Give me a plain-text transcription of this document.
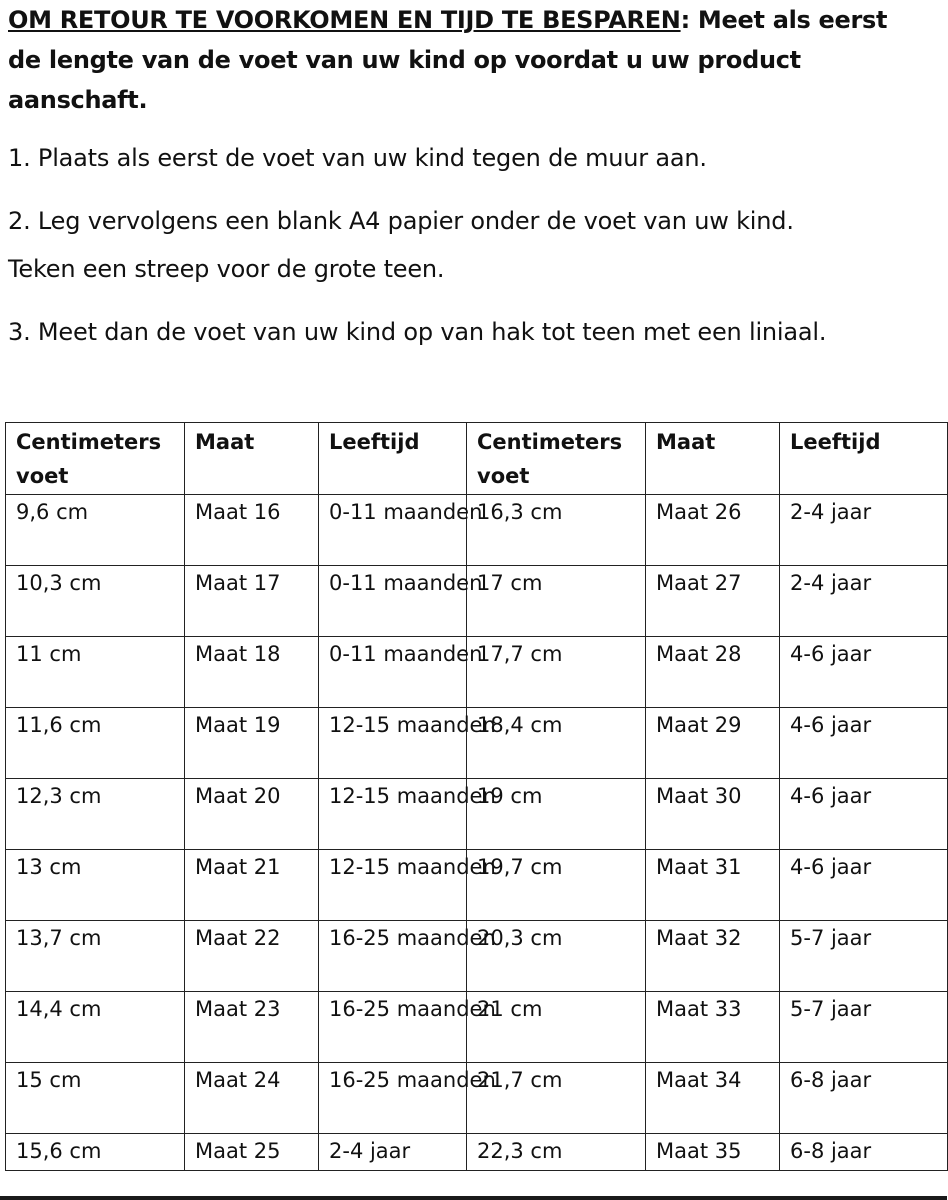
OM RETOUR TE VOORKOMEN EN TIJD TE BESPAREN: Meet als eerst
de lengte van de voet van uw kind op voordat u uw product
aanschaft.
1. Plaats als eerst de voet van uw kind tegen de muur aan.
2. Leg vervolgens een blank A4 papier onder de voet van uw kind.
Teken een streep voor de grote teen.
3. Meet dan de voet van uw kind op van hak tot teen met een liniaal.
Centimeters voet	Maat	Leeftijd	Centimeters voet	Maat	Leeftijd
9,6 cm	Maat 16	0-11 maanden	16,3 cm	Maat 26	2-4 jaar
10,3 cm	Maat 17	0-11 maanden	17 cm	Maat 27	2-4 jaar
11 cm	Maat 18	0-11 maanden	17,7 cm	Maat 28	4-6 jaar
11,6 cm	Maat 19	12-15 maanden	18,4 cm	Maat 29	4-6 jaar
12,3 cm	Maat 20	12-15 maanden	19 cm	Maat 30	4-6 jaar
13 cm	Maat 21	12-15 maanden	19,7 cm	Maat 31	4-6 jaar
13,7 cm	Maat 22	16-25 maanden	20,3 cm	Maat 32	5-7 jaar
14,4 cm	Maat 23	16-25 maanden	21 cm	Maat 33	5-7 jaar
15 cm	Maat 24	16-25 maanden	21,7 cm	Maat 34	6-8 jaar
15,6 cm	Maat 25	2-4 jaar	22,3 cm	Maat 35	6-8 jaar
